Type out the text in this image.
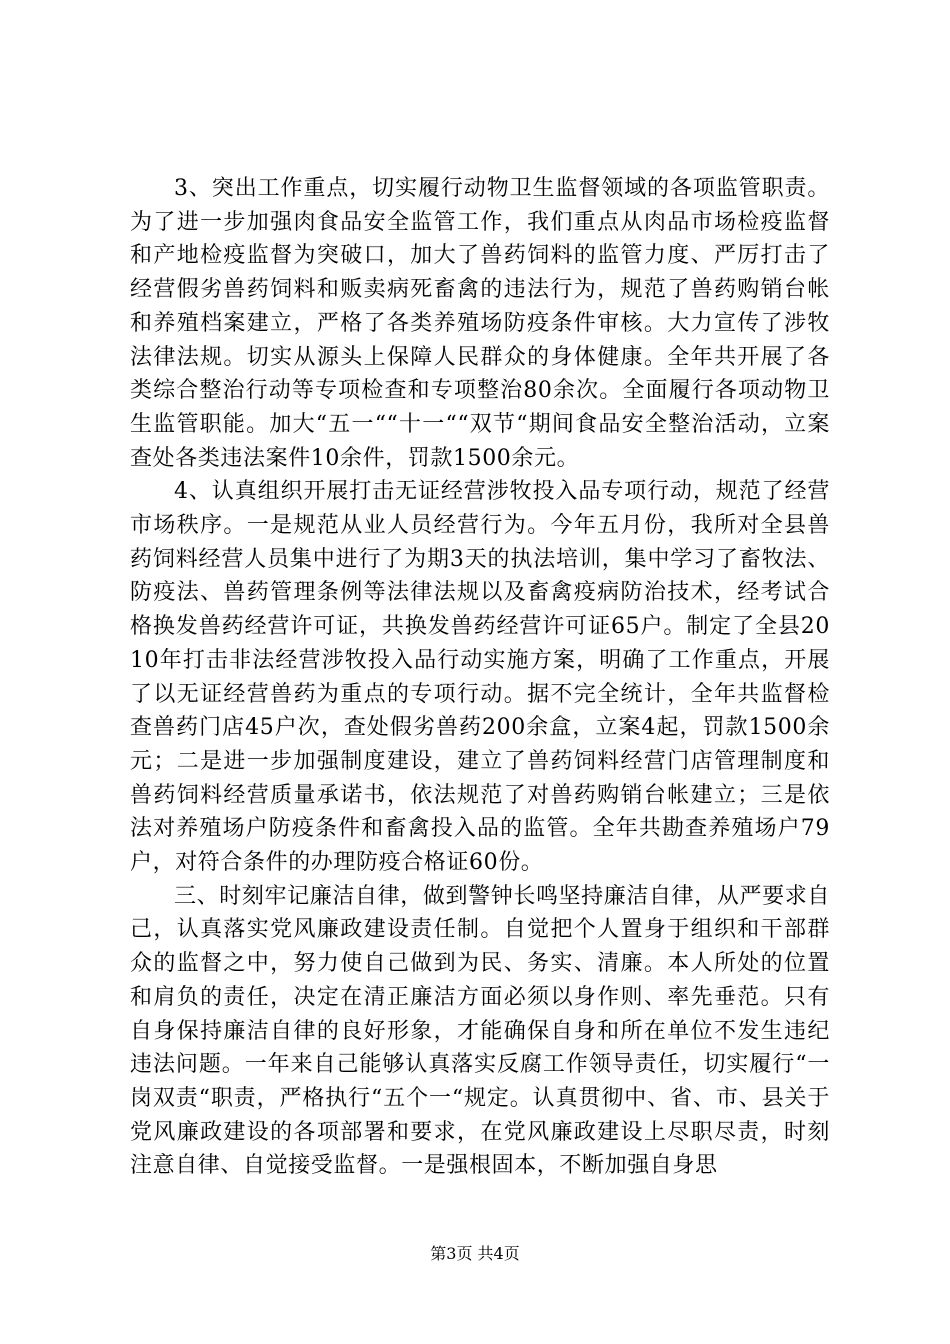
3、突出工作重点，切实履行动物卫生监督领域的各项监管职责。为了进一步加强肉食品安全监管工作，我们重点从肉品市场检疫监督和产地检疫监督为突破口，加大了兽药饲料的监管力度、严厉打击了经营假劣兽药饲料和贩卖病死畜禽的违法行为，规范了兽药购销台帐和养殖档案建立，严格了各类养殖场防疫条件审核。大力宣传了涉牧法律法规。切实从源头上保障人民群众的身体健康。全年共开展了各类综合整治行动等专项检查和专项整治80余次。全面履行各项动物卫生监管职能。加大“五一““十一““双节“期间食品安全整治活动，立案查处各类违法案件10余件，罚款1500余元。

4、认真组织开展打击无证经营涉牧投入品专项行动，规范了经营市场秩序。一是规范从业人员经营行为。今年五月份，我所对全县兽药饲料经营人员集中进行了为期3天的执法培训，集中学习了畜牧法、防疫法、兽药管理条例等法律法规以及畜禽疫病防治技术，经考试合格换发兽药经营许可证，共换发兽药经营许可证65户。制定了全县2010年打击非法经营涉牧投入品行动实施方案，明确了工作重点，开展了以无证经营兽药为重点的专项行动。据不完全统计，全年共监督检查兽药门店45户次，查处假劣兽药200余盒，立案4起，罚款1500余元；二是进一步加强制度建设，建立了兽药饲料经营门店管理制度和兽药饲料经营质量承诺书，依法规范了对兽药购销台帐建立；三是依法对养殖场户防疫条件和畜禽投入品的监管。全年共勘查养殖场户79户，对符合条件的办理防疫合格证60份。

三、时刻牢记廉洁自律，做到警钟长鸣坚持廉洁自律，从严要求自己，认真落实党风廉政建设责任制。自觉把个人置身于组织和干部群众的监督之中，努力使自己做到为民、务实、清廉。本人所处的位置和肩负的责任，决定在清正廉洁方面必须以身作则、率先垂范。只有自身保持廉洁自律的良好形象，才能确保自身和所在单位不发生违纪违法问题。一年来自己能够认真落实反腐工作领导责任，切实履行“一岗双责“职责，严格执行“五个一“规定。认真贯彻中、省、市、县关于党风廉政建设的各项部署和要求，在党风廉政建设上尽职尽责，时刻注意自律、自觉接受监督。一是强根固本，不断加强自身思

第3页 共4页
